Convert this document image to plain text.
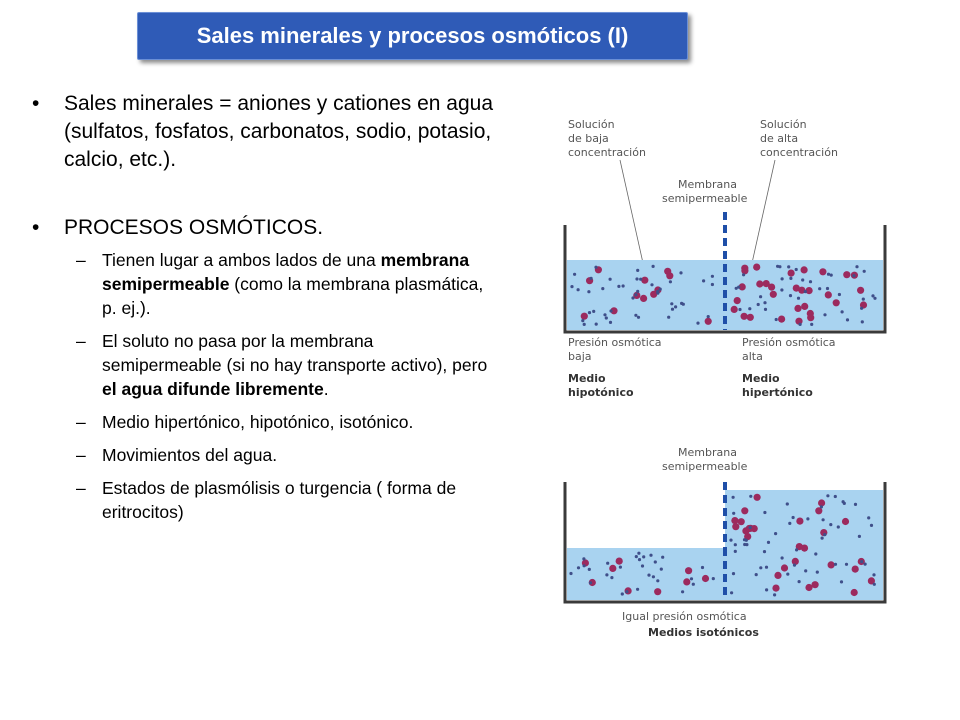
Sales minerales y procesos osmóticos (I)
• Sales minerales = aniones y cationes en agua (sulfatos, fosfatos, carbonatos, sodio, potasio, calcio, etc.).
• PROCESOS OSMÓTICOS.
– Tienen lugar a ambos lados de una membrana semipermeable (como la membrana plasmática, p. ej.).
– El soluto no pasa por la membrana semipermeable (si no hay transporte activo), pero el agua difunde libremente.
– Medio hipertónico, hipotónico, isotónico.
– Movimientos del agua.
– Estados de plasmólisis o turgencia ( forma de eritrocitos)
Solución
de baja
concentración
Solución
de alta
concentración
Membrana
semipermeable
Presión osmótica
baja
Presión osmótica
alta
Medio
hipotónico
Medio
hipertónico
Membrana
semipermeable
Igual presión osmótica
Medios isotónicos
